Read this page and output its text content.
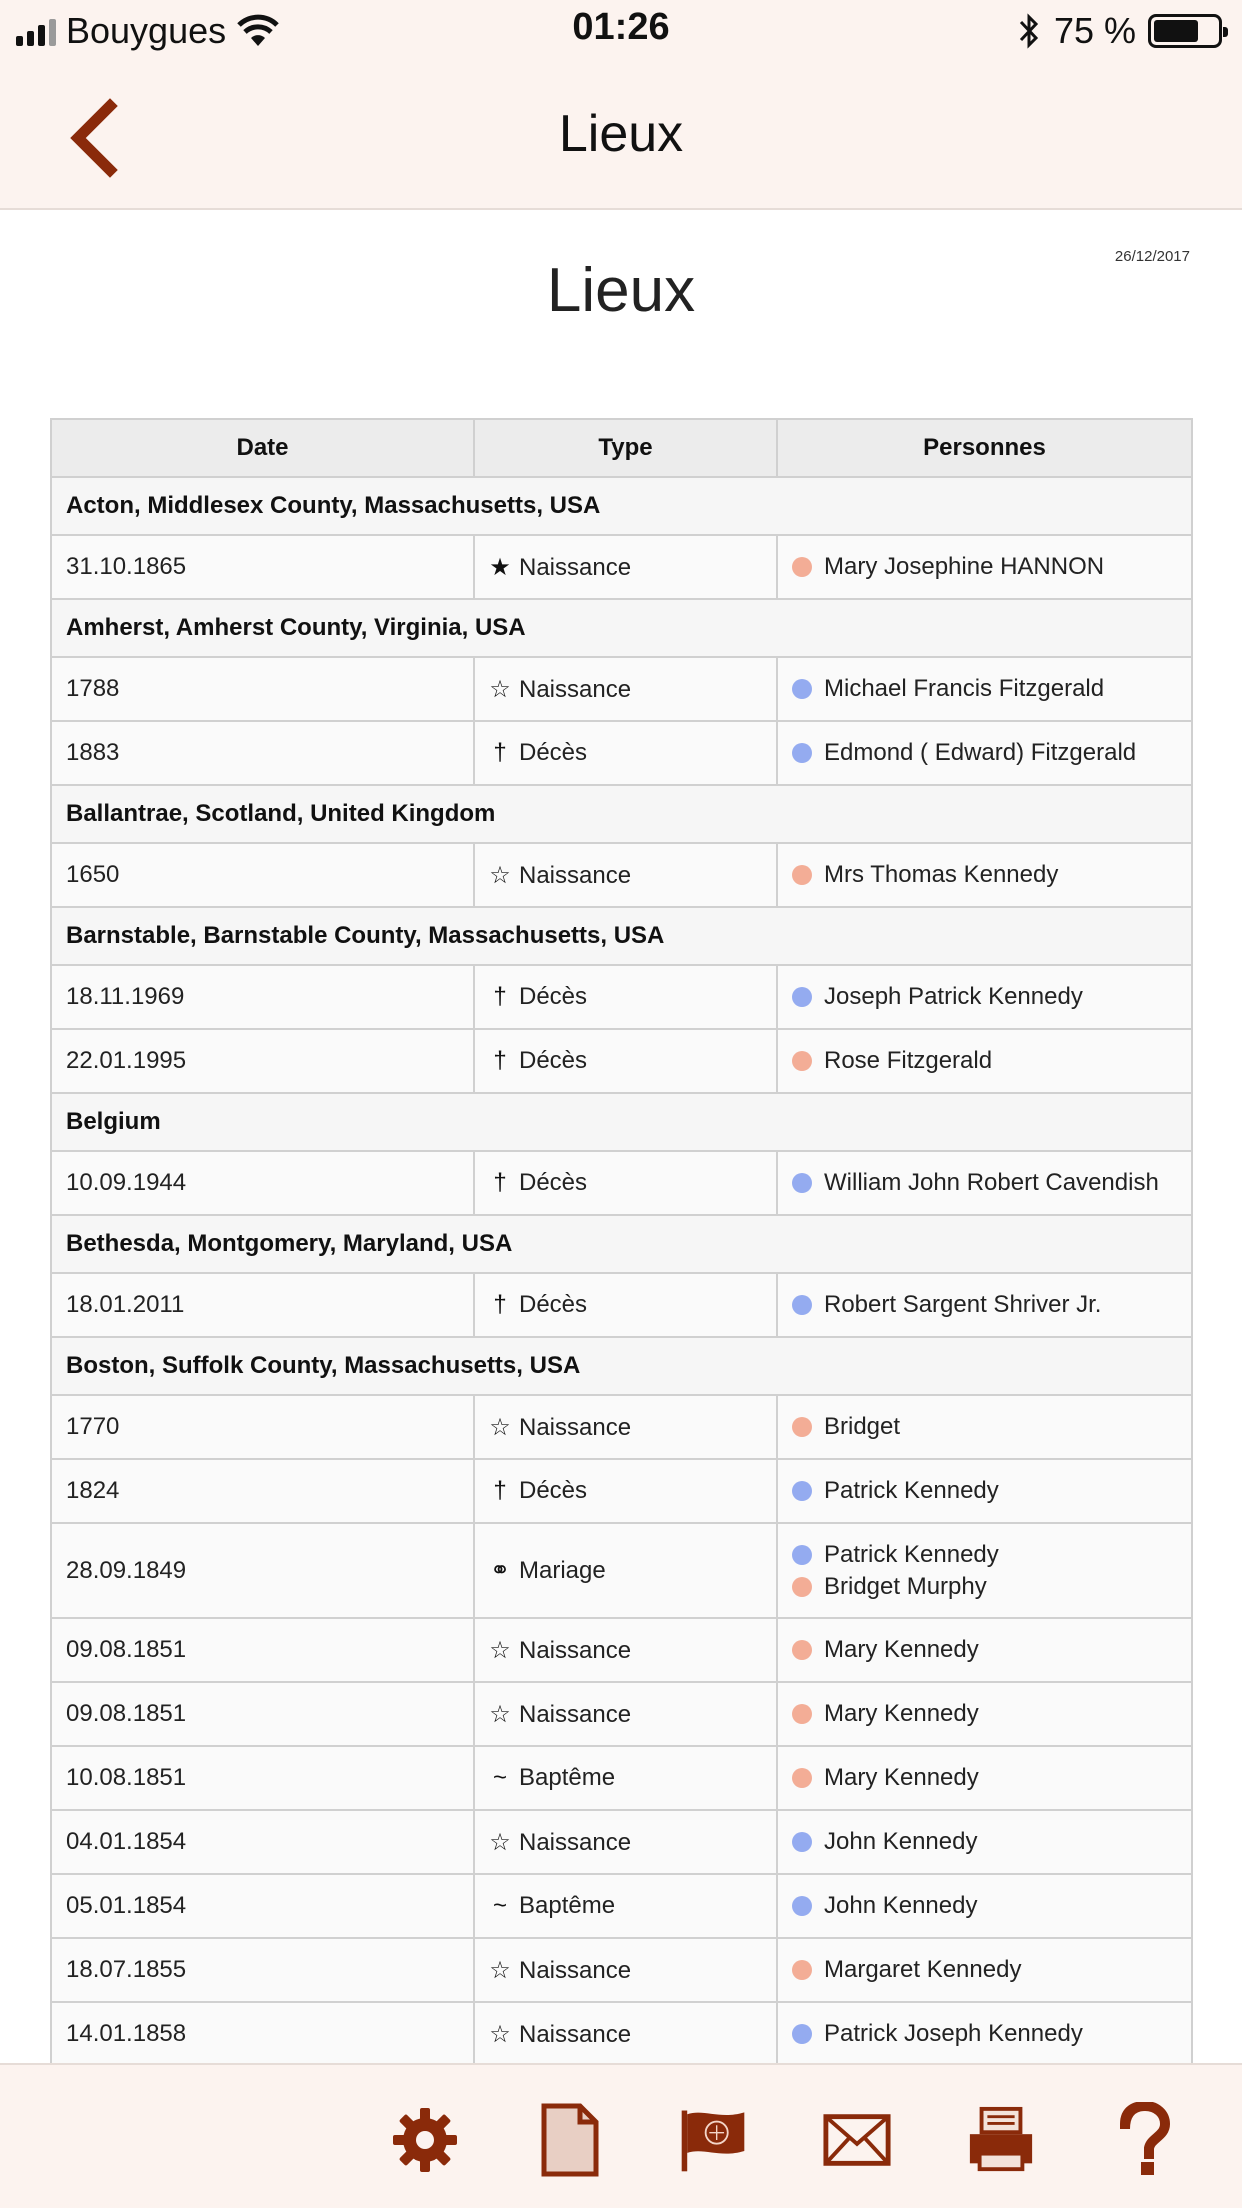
Bouygues	01:26	75 %
Lieux
26/12/2017
Lieux
Date	Type	Personnes
Acton, Middlesex County, Massachusetts, USA		
31.10.1865	★ Naissance	Mary Josephine HANNON

Amherst, Amherst County, Virginia, USA		
1788	☆ Naissance	Michael Francis Fitzgerald

1883	† Décès	Edmond ( Edward) Fitzgerald

Ballantrae, Scotland, United Kingdom		
1650	☆ Naissance	Mrs Thomas Kennedy

Barnstable, Barnstable County, Massachusetts, USA		
18.11.1969	† Décès	Joseph Patrick Kennedy

22.01.1995	† Décès	Rose Fitzgerald

Belgium		
10.09.1944	† Décès	William John Robert Cavendish

Bethesda, Montgomery, Maryland, USA		
18.01.2011	† Décès	Robert Sargent Shriver Jr.

Boston, Suffolk County, Massachusetts, USA		
1770	☆ Naissance	Bridget

1824	† Décès	Patrick Kennedy

28.09.1849	⚭ Mariage	Patrick Kennedy
Bridget Murphy

09.08.1851	☆ Naissance	Mary Kennedy

09.08.1851	☆ Naissance	Mary Kennedy

10.08.1851	~ Baptême	Mary Kennedy

04.01.1854	☆ Naissance	John Kennedy

05.01.1854	~ Baptême	John Kennedy

18.07.1855	☆ Naissance	Margaret Kennedy

14.01.1858	☆ Naissance	Patrick Joseph Kennedy
